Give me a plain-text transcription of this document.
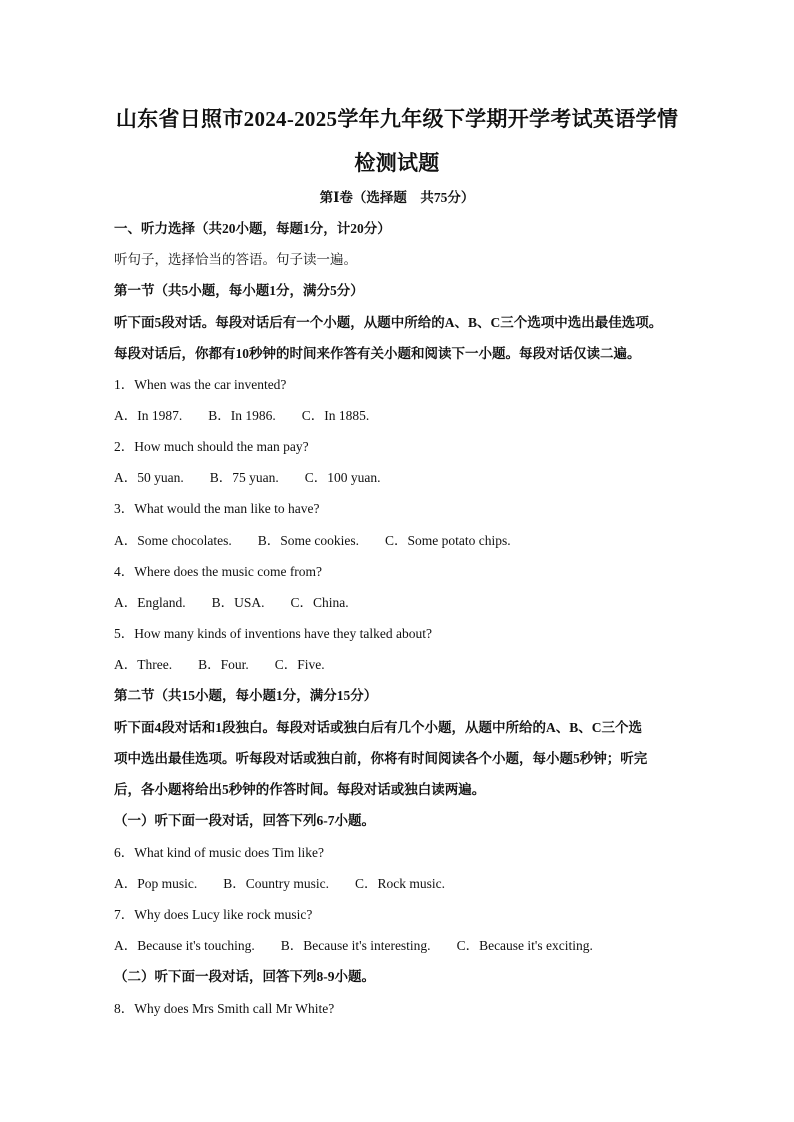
山东省日照市2024-2025学年九年级下学期开学考试英语学情
检测试题
第Ⅰ卷（选择题　共75分）
一、听力选择（共20小题，每题1分，计20分）
听句子，选择恰当的答语。句子读一遍。
第一节（共5小题，每小题1分，满分5分）
听下面5段对话。每段对话后有一个小题，从题中所给的A、B、C三个选项中选出最佳选项。
每段对话后，你都有10秒钟的时间来作答有关小题和阅读下一小题。每段对话仅读二遍。
1．When was the car invented?
A．In 1987. B．In 1986. C．In 1885.
2．How much should the man pay?
A．50 yuan. B．75 yuan. C．100 yuan.
3．What would the man like to have?
A．Some chocolates. B．Some cookies. C．Some potato chips.
4．Where does the music come from?
A．England. B．USA. C．China.
5．How many kinds of inventions have they talked about?
A．Three. B．Four. C．Five.
第二节（共15小题，每小题1分，满分15分）
听下面4段对话和1段独白。每段对话或独白后有几个小题，从题中所给的A、B、C三个选
项中选出最佳选项。听每段对话或独白前，你将有时间阅读各个小题，每小题5秒钟；听完
后，各小题将给出5秒钟的作答时间。每段对话或独白读两遍。
（一）听下面一段对话，回答下列6-7小题。
6．What kind of music does Tim like?
A．Pop music. B．Country music. C．Rock music.
7．Why does Lucy like rock music?
A．Because it's touching. B．Because it's interesting. C．Because it's exciting.
（二）听下面一段对话，回答下列8-9小题。
8．Why does Mrs Smith call Mr White?
